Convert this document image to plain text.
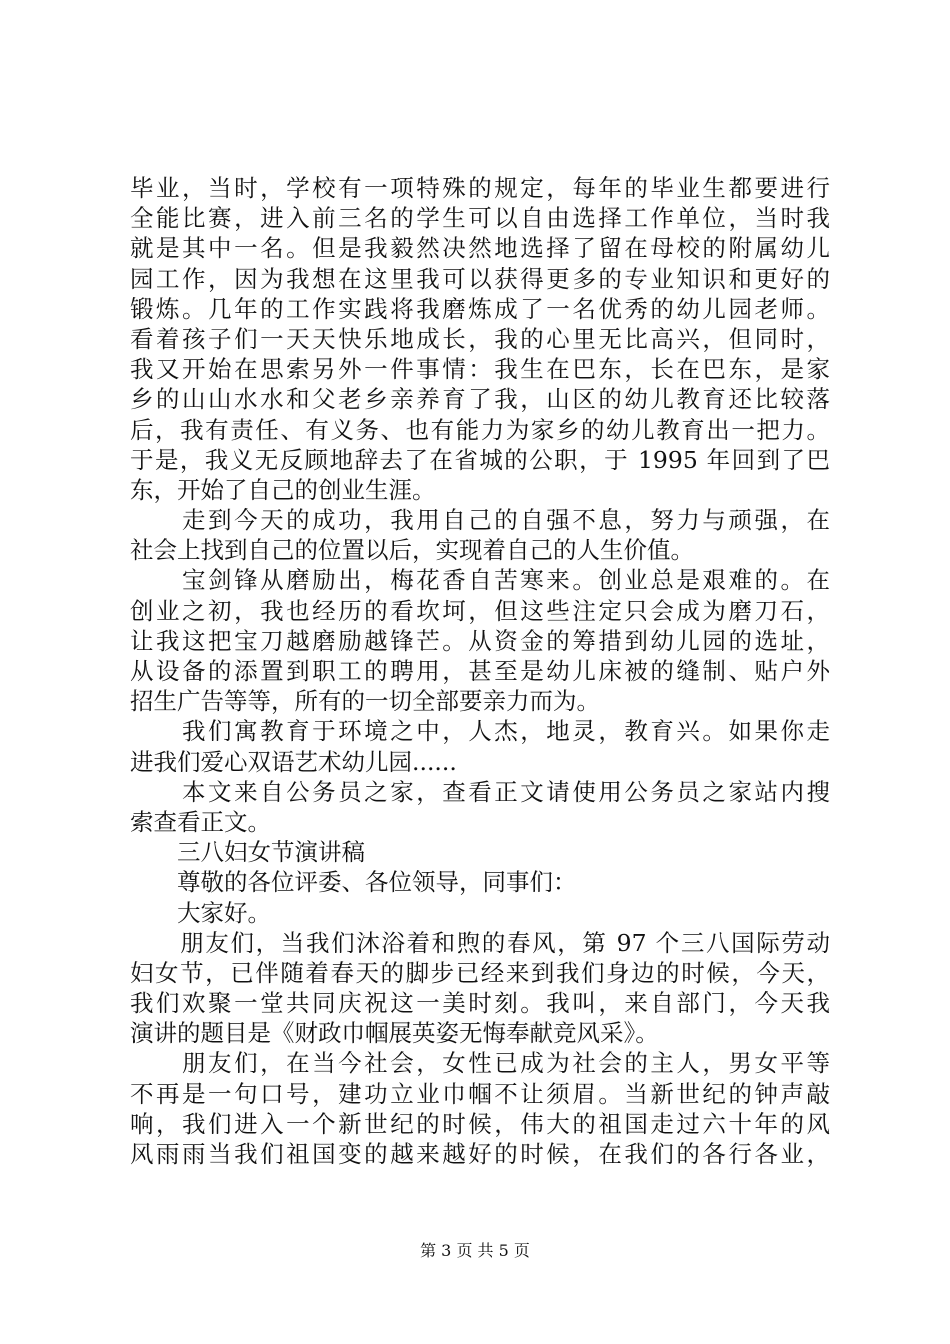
毕业，当时，学校有一项特殊的规定，每年的毕业生都要进行
全能比赛，进入前三名的学生可以自由选择工作单位，当时我
就是其中一名。但是我毅然决然地选择了留在母校的附属幼儿
园工作，因为我想在这里我可以获得更多的专业知识和更好的
锻炼。几年的工作实践将我磨炼成了一名优秀的幼儿园老师。
看着孩子们一天天快乐地成长，我的心里无比高兴，但同时，
我又开始在思索另外一件事情：我生在巴东，长在巴东，是家
乡的山山水水和父老乡亲养育了我，山区的幼儿教育还比较落
后，我有责任、有义务、也有能力为家乡的幼儿教育出一把力。
于是，我义无反顾地辞去了在省城的公职，于 1995 年回到了巴
东，开始了自己的创业生涯。
　　走到今天的成功，我用自己的自强不息，努力与顽强，在
社会上找到自己的位置以后，实现着自己的人生价值。
　　宝剑锋从磨励出，梅花香自苦寒来。创业总是艰难的。在
创业之初，我也经历的看坎坷，但这些注定只会成为磨刀石，
让我这把宝刀越磨励越锋芒。从资金的筹措到幼儿园的选址，
从设备的添置到职工的聘用，甚至是幼儿床被的缝制、贴户外
招生广告等等，所有的一切全部要亲力而为。
　　我们寓教育于环境之中，人杰，地灵，教育兴。如果你走
进我们爱心双语艺术幼儿园......
　　本文来自公务员之家，查看正文请使用公务员之家站内搜
索查看正文。
　　三八妇女节演讲稿
　　尊敬的各位评委、各位领导，同事们：
　　大家好。
　　朋友们，当我们沐浴着和煦的春风，第 97 个三八国际劳动
妇女节，已伴随着春天的脚步已经来到我们身边的时候，今天，
我们欢聚一堂共同庆祝这一美时刻。我叫，来自部门，今天我
演讲的题目是《财政巾帼展英姿无悔奉献竞风采》。
　　朋友们，在当今社会，女性已成为社会的主人，男女平等
不再是一句口号，建功立业巾帼不让须眉。当新世纪的钟声敲
响，我们进入一个新世纪的时候，伟大的祖国走过六十年的风
风雨雨当我们祖国变的越来越好的时候，在我们的各行各业，
第 3 页 共 5 页
